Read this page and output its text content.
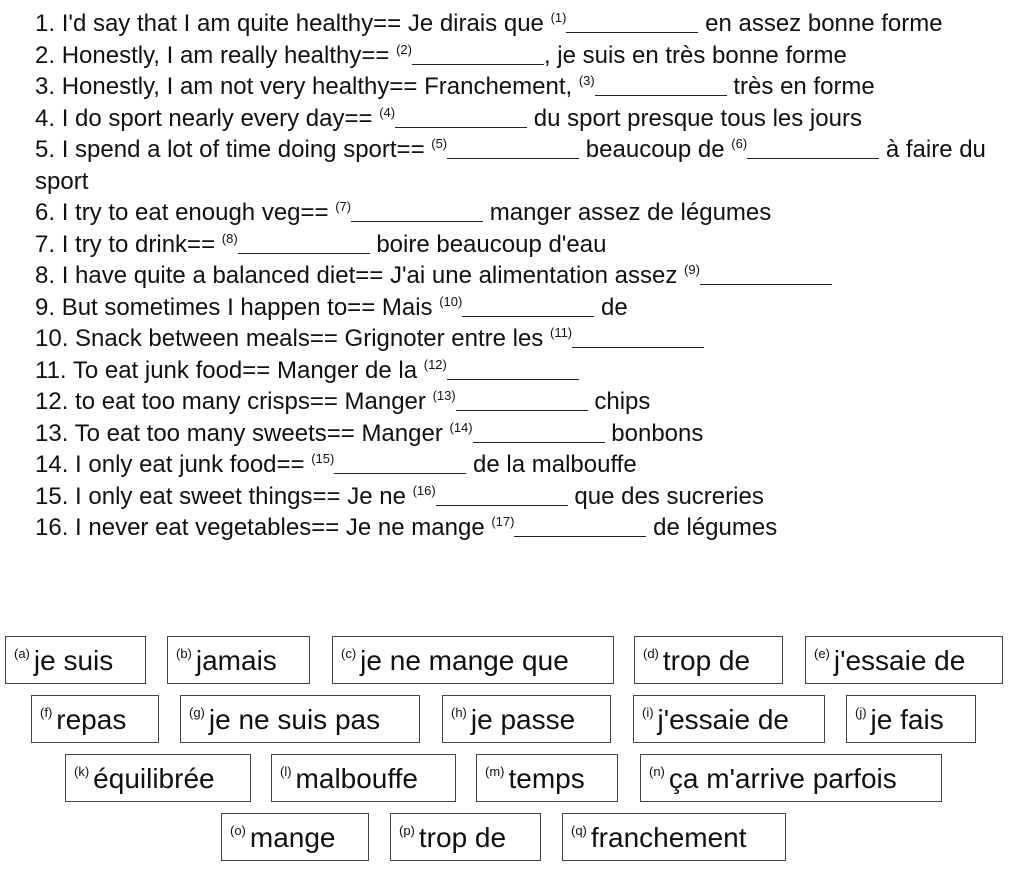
1. I'd say that I am quite healthy== Je dirais que $^{(1)}$	en assez bonne forme
2. Honestly, I am really healthy== $^{(2)}$	, je suis en très bonne forme
3. Honestly, I am not very healthy== Franchement, $^{(3)}$	très en forme
4. I do sport nearly every day== $^{(4)}$	du sport presque tous les jours
5. I spend a lot of time doing sport== $^{(5)}$	beaucoup de $^{(6)}$	à faire du sport
6. I try to eat enough veg== $^{(7)}$	manger assez de légumes
7. I try to drink== $^{(8)}$	boire beaucoup d'eau
8. I have quite a balanced diet== J'ai une alimentation assez $^{(9)}$
9. But sometimes I happen to== Mais $^{(10)}$	de
10. Snack between meals== Grignoter entre les $^{(11)}$
11. To eat junk food== Manger de la $^{(12)}$
12. to eat too many crisps== Manger $^{(13)}$	chips
13. To eat too many sweets== Manger $^{(14)}$	bonbons
14. I only eat junk food== $^{(15)}$	de la malbouffe
15. I only eat sweet things== Je ne $^{(16)}$	que des sucreries
16. I never eat vegetables== Je ne mange $^{(17)}$	de légumes
$^{(a)}$ je suis	$^{(b)}$ jamais	$^{(c)}$ je ne mange que	$^{(d)}$ trop de	$^{(e)}$ j'essaie de
$^{(f)}$ repas	$^{(g)}$ je ne suis pas	$^{(h)}$ je passe	$^{(i)}$ j'essaie de	$^{(j)}$ je fais
$^{(k)}$ équilibrée	$^{(l)}$ malbouffe	$^{(m)}$ temps	$^{(n)}$ ça m'arrive parfois
$^{(o)}$ mange	$^{(p)}$ trop de	$^{(q)}$ franchement
